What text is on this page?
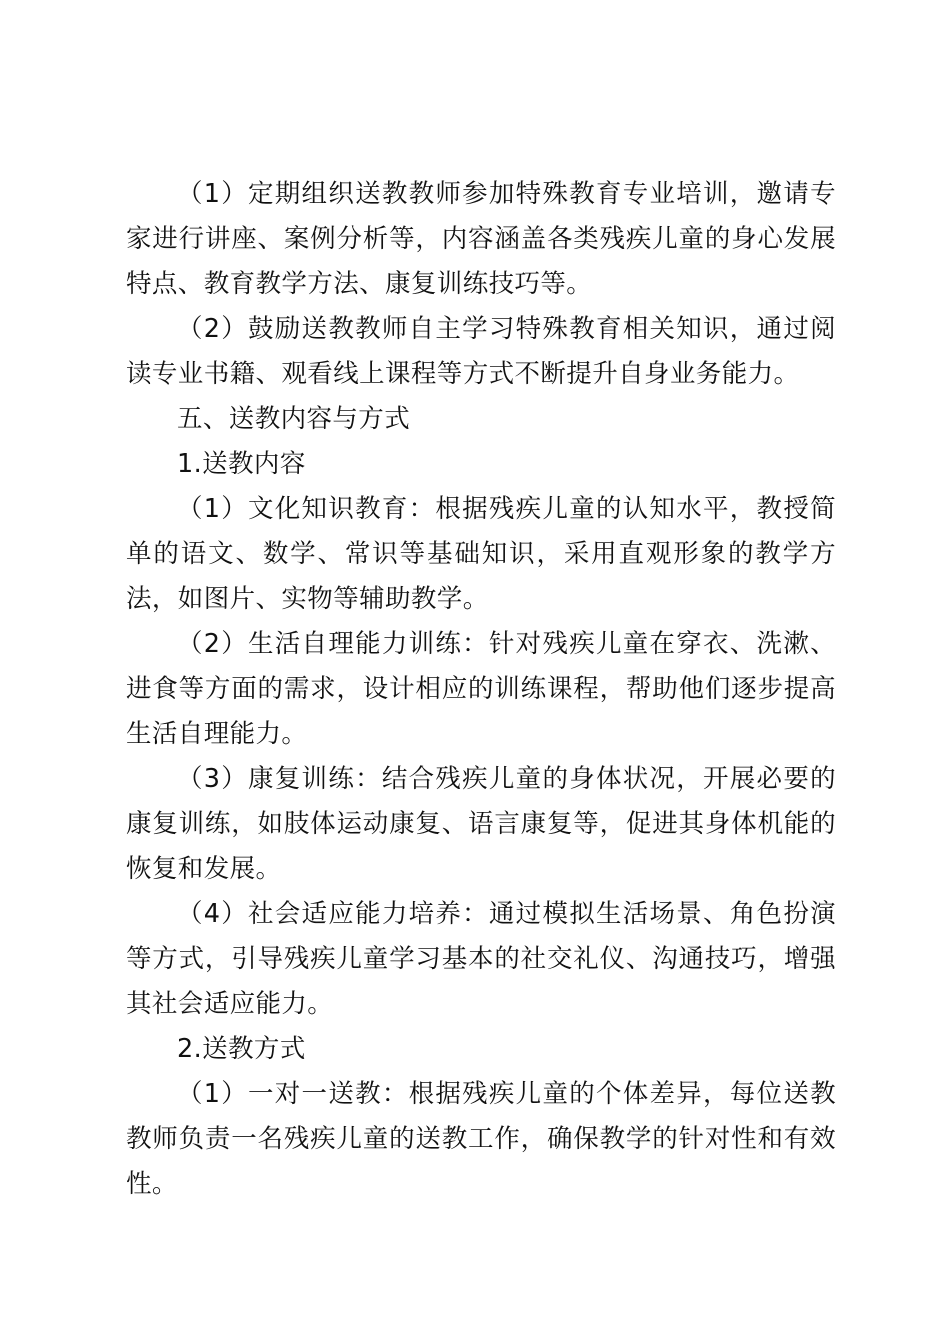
（1）定期组织送教教师参加特殊教育专业培训，邀请专家进行讲座、案例分析等，内容涵盖各类残疾儿童的身心发展特点、教育教学方法、康复训练技巧等。

（2）鼓励送教教师自主学习特殊教育相关知识，通过阅读专业书籍、观看线上课程等方式不断提升自身业务能力。

五、送教内容与方式

1.送教内容

（1）文化知识教育：根据残疾儿童的认知水平，教授简单的语文、数学、常识等基础知识，采用直观形象的教学方法，如图片、实物等辅助教学。

（2）生活自理能力训练：针对残疾儿童在穿衣、洗漱、进食等方面的需求，设计相应的训练课程，帮助他们逐步提高生活自理能力。

（3）康复训练：结合残疾儿童的身体状况，开展必要的康复训练，如肢体运动康复、语言康复等，促进其身体机能的恢复和发展。

（4）社会适应能力培养：通过模拟生活场景、角色扮演等方式，引导残疾儿童学习基本的社交礼仪、沟通技巧，增强其社会适应能力。

2.送教方式

（1）一对一送教：根据残疾儿童的个体差异，每位送教教师负责一名残疾儿童的送教工作，确保教学的针对性和有效性。
